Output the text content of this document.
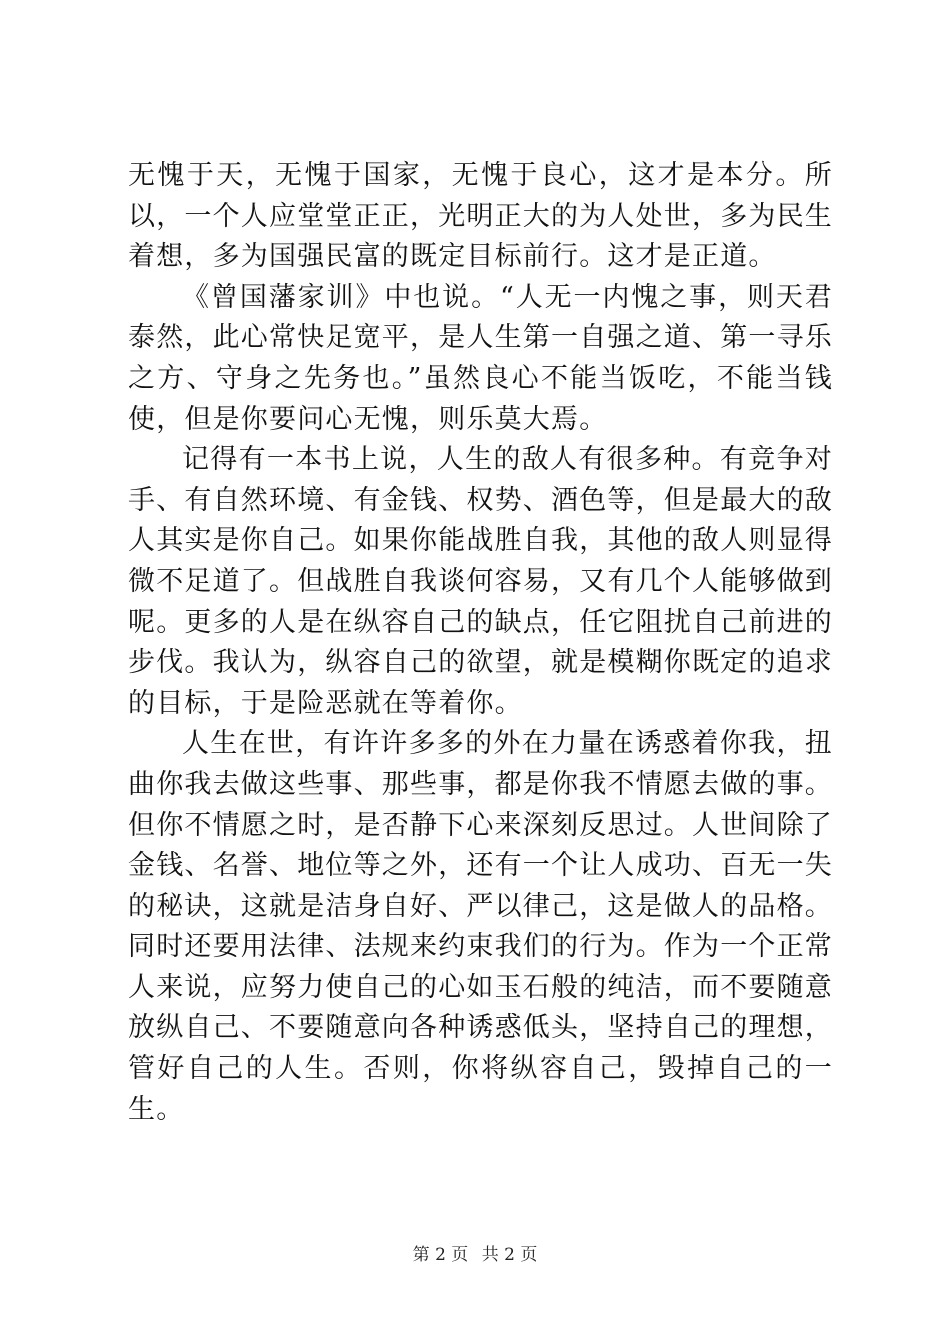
无愧于天，无愧于国家，无愧于良心，这才是本分。所以，一个人应堂堂正正，光明正大的为人处世，多为民生着想，多为国强民富的既定目标前行。这才是正道。

《曾国藩家训》中也说。“人无一内愧之事，则天君泰然，此心常快足宽平，是人生第一自强之道、第一寻乐之方、守身之先务也。”虽然良心不能当饭吃，不能当钱使，但是你要问心无愧，则乐莫大焉。

记得有一本书上说，人生的敌人有很多种。有竞争对手、有自然环境、有金钱、权势、酒色等，但是最大的敌人其实是你自己。如果你能战胜自我，其他的敌人则显得微不足道了。但战胜自我谈何容易，又有几个人能够做到呢。更多的人是在纵容自己的缺点，任它阻扰自己前进的步伐。我认为，纵容自己的欲望，就是模糊你既定的追求的目标，于是险恶就在等着你。

人生在世，有许许多多的外在力量在诱惑着你我，扭曲你我去做这些事、那些事，都是你我不情愿去做的事。但你不情愿之时，是否静下心来深刻反思过。人世间除了金钱、名誉、地位等之外，还有一个让人成功、百无一失的秘诀，这就是洁身自好、严以律己，这是做人的品格。同时还要用法律、法规来约束我们的行为。作为一个正常人来说，应努力使自己的心如玉石般的纯洁，而不要随意放纵自己、不要随意向各种诱惑低头，坚持自己的理想，管好自己的人生。否则，你将纵容自己，毁掉自己的一生。

第 2 页 共 2 页
